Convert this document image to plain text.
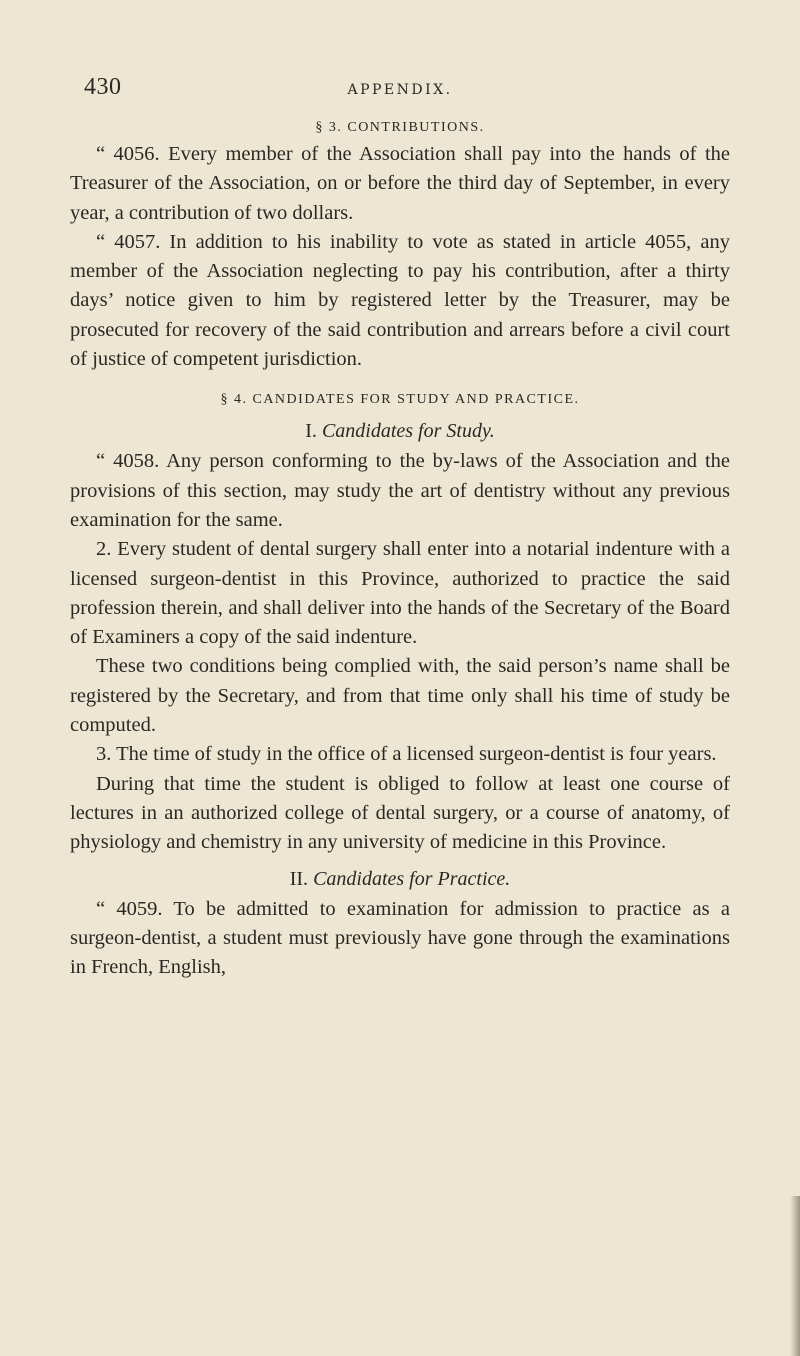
430	APPENDIX.
§ 3. CONTRIBUTIONS.

“ 4056. Every member of the Association shall pay into the hands of the Treasurer of the Association, on or before the third day of September, in every year, a contribution of two dollars.

“ 4057. In addition to his inability to vote as stated in article 4055, any member of the Association neglecting to pay his contribution, after a thirty days’ notice given to him by registered letter by the Treasurer, may be prosecuted for recovery of the said contribution and arrears before a civil court of justice of competent jurisdiction.

§ 4. CANDIDATES FOR STUDY AND PRACTICE.
I. Candidates for Study.

“ 4058. Any person conforming to the by-laws of the Association and the provisions of this section, may study the art of dentistry without any previous examination for the same.

2. Every student of dental surgery shall enter into a notarial indenture with a licensed surgeon-dentist in this Province, authorized to practice the said profession therein, and shall deliver into the hands of the Secretary of the Board of Examiners a copy of the said indenture.

These two conditions being complied with, the said person’s name shall be registered by the Secretary, and from that time only shall his time of study be computed.

3. The time of study in the office of a licensed surgeon-dentist is four years.

During that time the student is obliged to follow at least one course of lectures in an authorized college of dental surgery, or a course of anatomy, of physiology and chemistry in any university of medicine in this Province.

II. Candidates for Practice.

“ 4059. To be admitted to examination for admission to practice as a surgeon-dentist, a student must previously have gone through the examinations in French, English,
